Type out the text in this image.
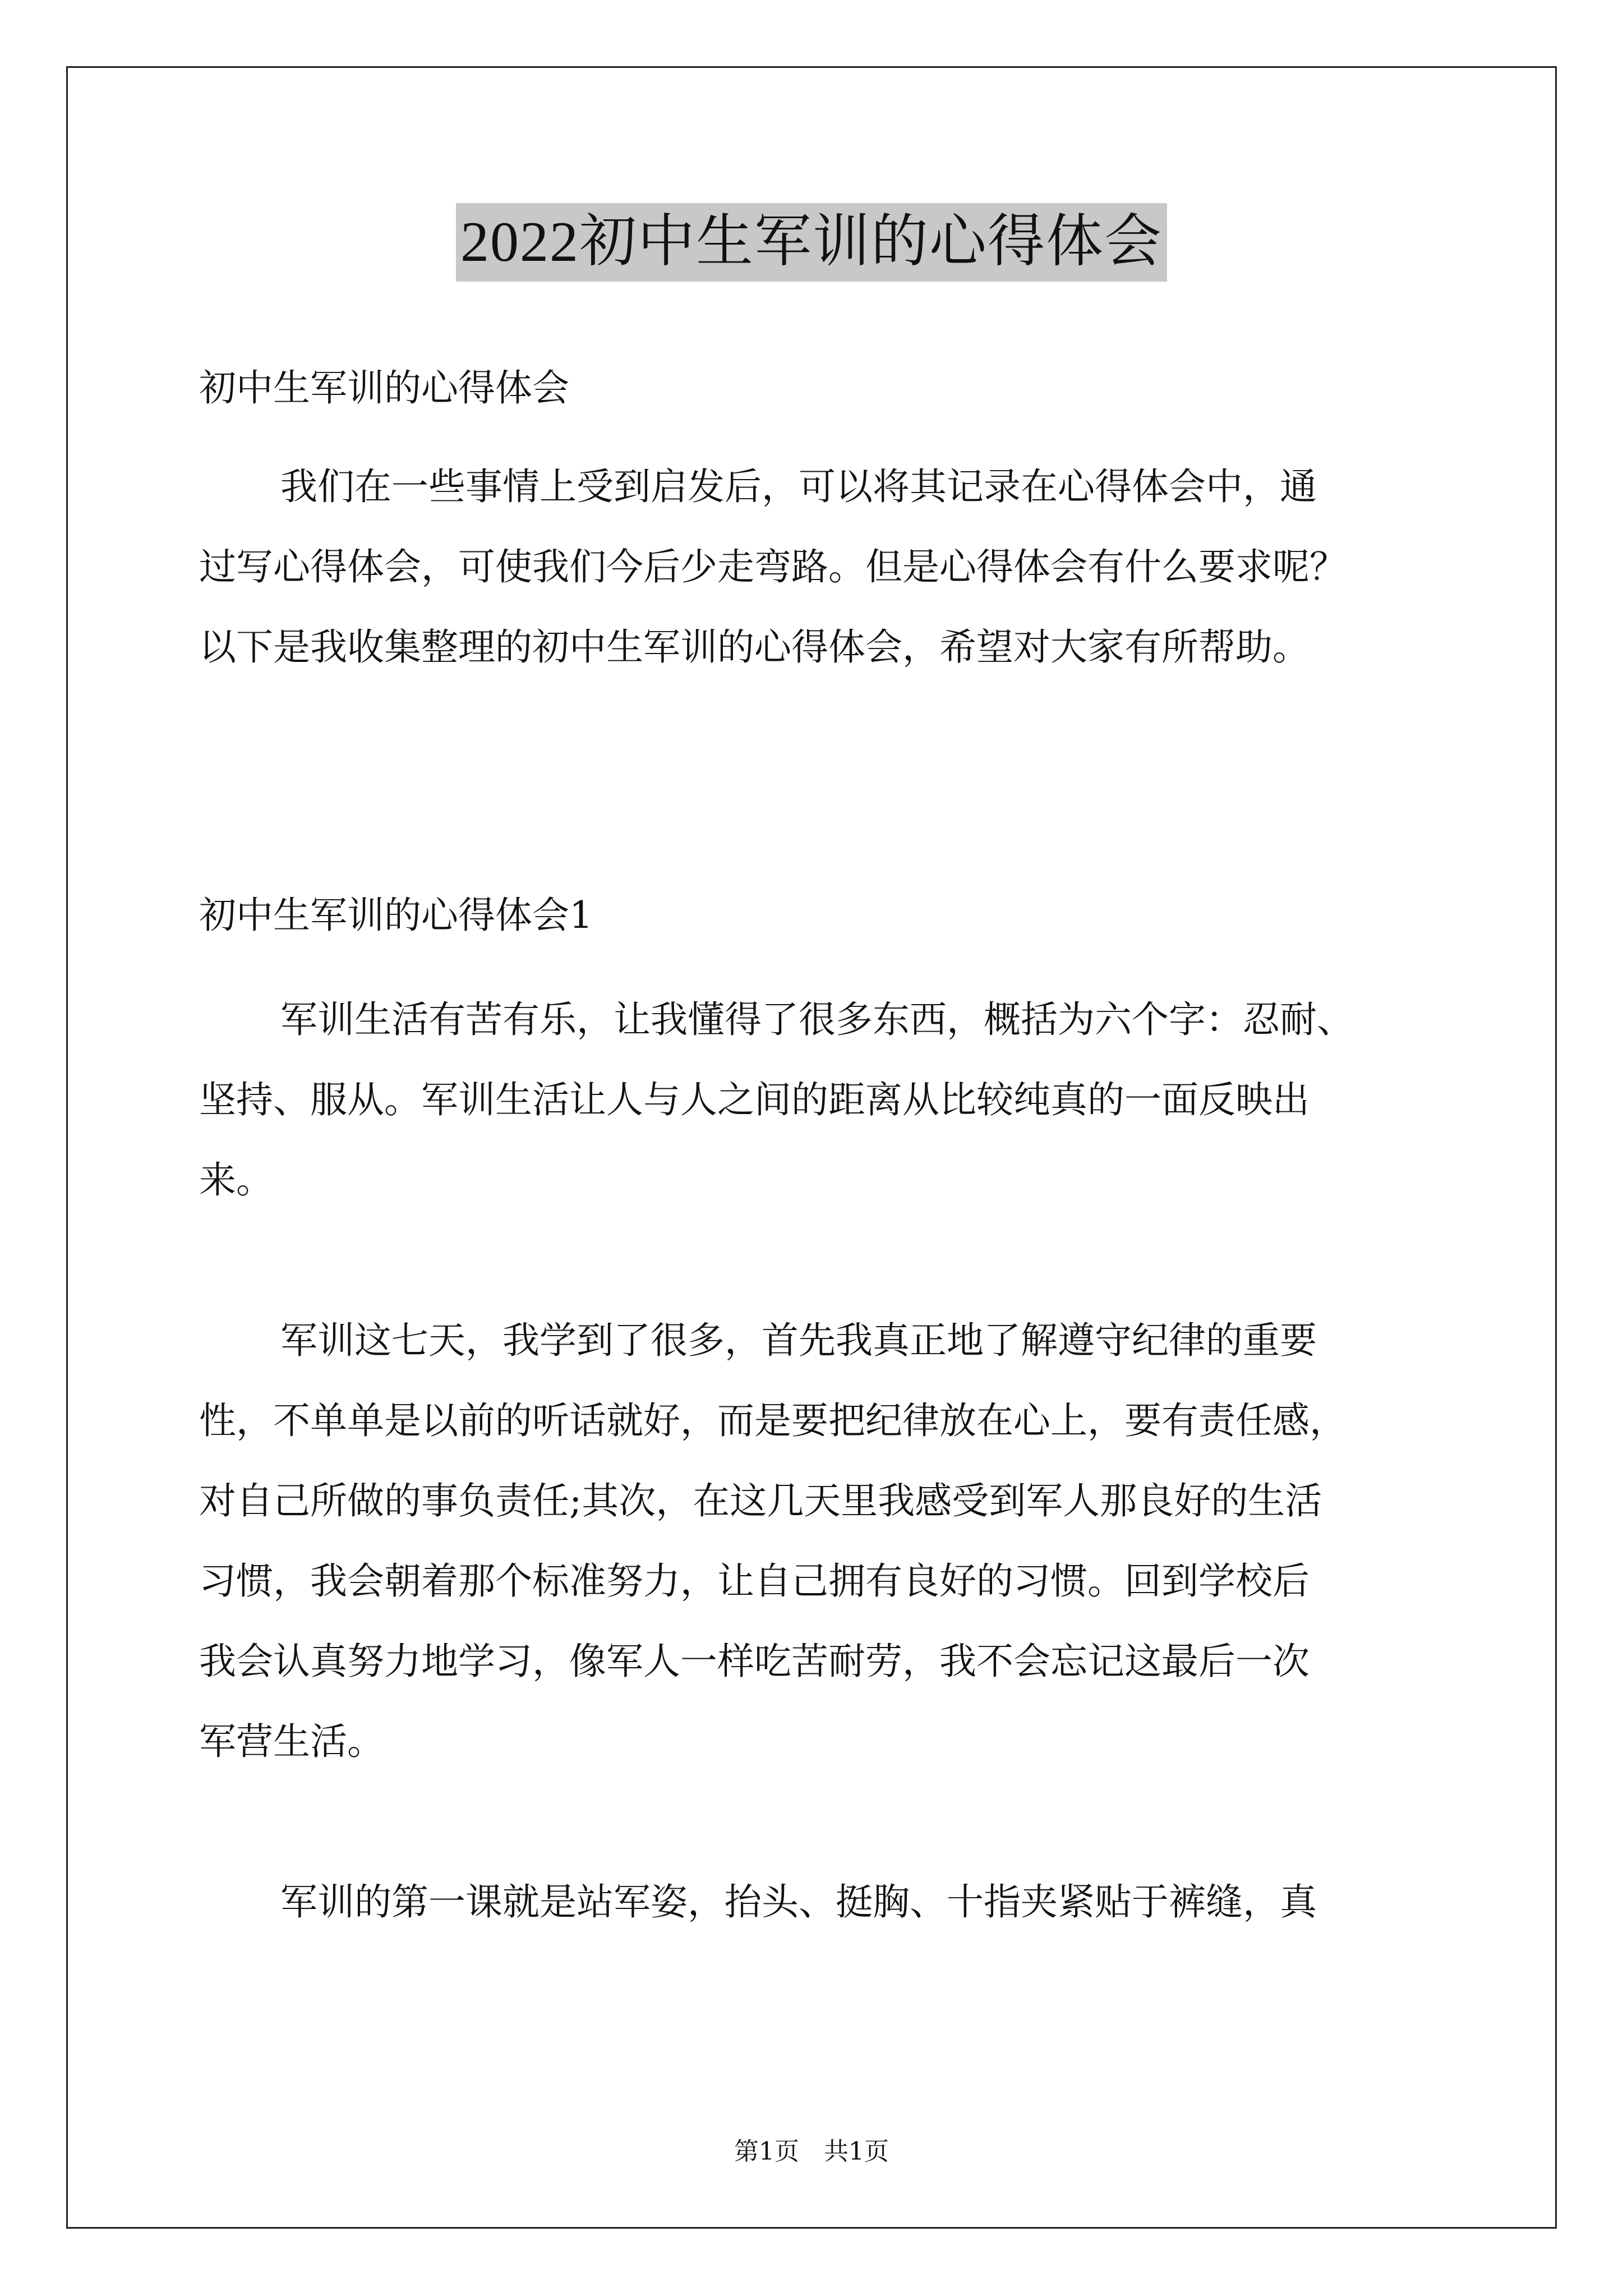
2022初中生军训的心得体会

初中生军训的心得体会

我们在一些事情上受到启发后，可以将其记录在心得体会中，通

过写心得体会，可使我们今后少走弯路。但是心得体会有什么要求呢？

以下是我收集整理的初中生军训的心得体会，希望对大家有所帮助。

初中生军训的心得体会1

军训生活有苦有乐，让我懂得了很多东西，概括为六个字：忍耐、

坚持、服从。军训生活让人与人之间的距离从比较纯真的一面反映出

来。

军训这七天，我学到了很多，首先我真正地了解遵守纪律的重要

性，不单单是以前的听话就好，而是要把纪律放在心上，要有责任感，

对自己所做的事负责任;其次，在这几天里我感受到军人那良好的生活

习惯，我会朝着那个标准努力，让自己拥有良好的习惯。回到学校后

我会认真努力地学习，像军人一样吃苦耐劳，我不会忘记这最后一次

军营生活。

军训的第一课就是站军姿，抬头、挺胸、十指夹紧贴于裤缝，真

第1页　共1页
